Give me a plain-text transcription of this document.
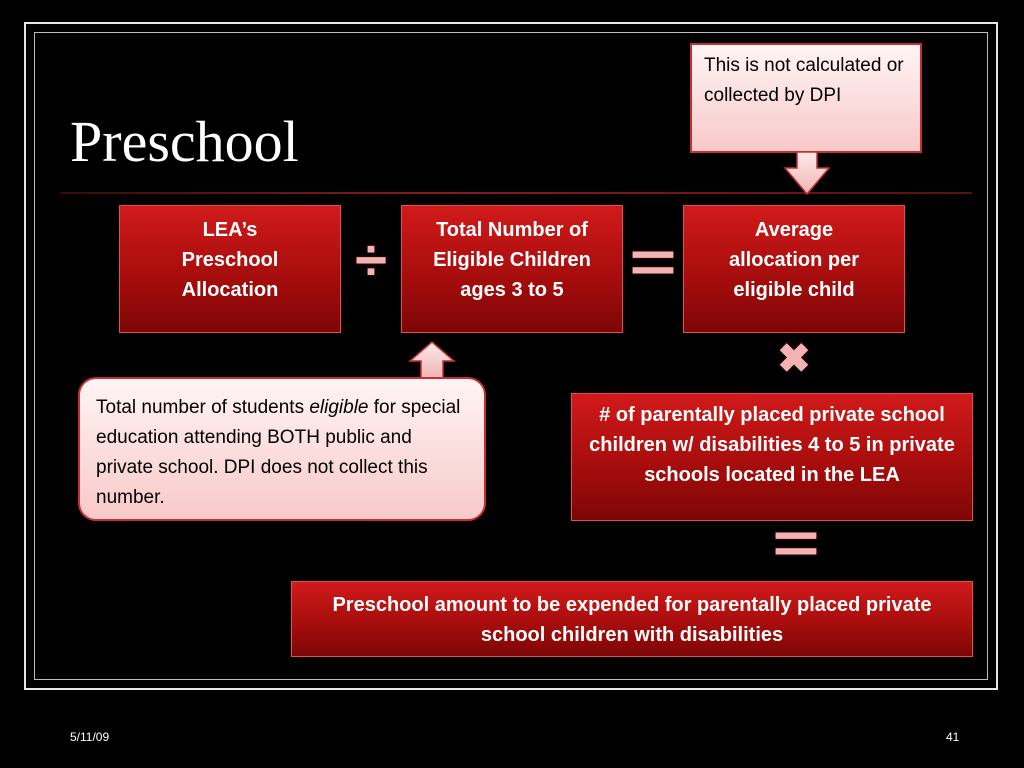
Preschool
This is not calculated or collected by DPI
LEA’s Preschool Allocation	÷	Total Number of Eligible Children ages 3 to 5	=	Average allocation per eligible child
✖
Total number of students eligible for special education attending BOTH public and private school. DPI does not collect this number.
# of parentally placed private school children w/ disabilities 4 to 5 in private schools located in the LEA
=
Preschool amount to be expended for parentally placed private school children with disabilities
5/11/09	41
